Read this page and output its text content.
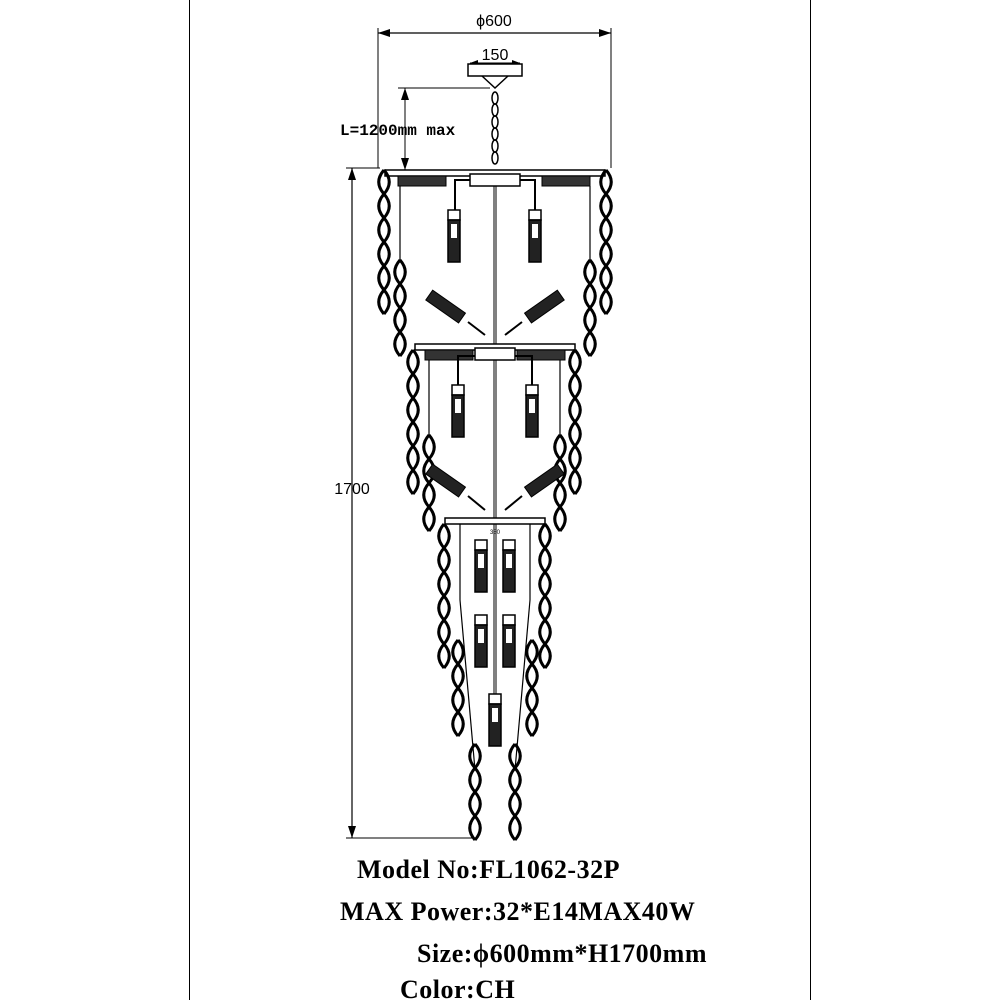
ϕ600
150
L=1200mm max
1700
380
Model No:FL1062-32P
MAX Power:32*E14MAX40W
Size:ϕ600mm*H1700mm
Color:CH
